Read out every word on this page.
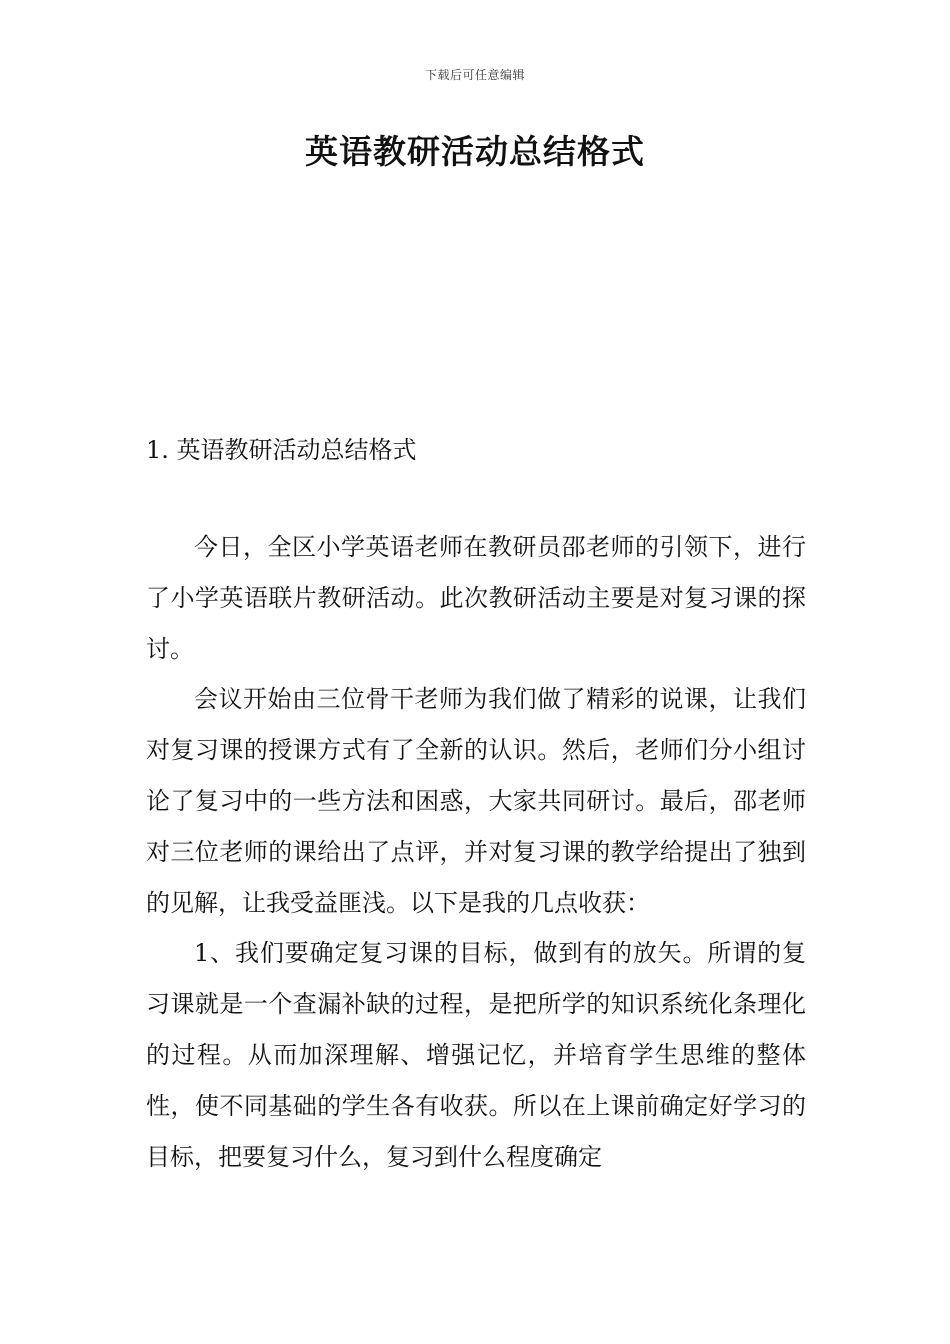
下载后可任意编辑
英语教研活动总结格式
1. 英语教研活动总结格式

今日，全区小学英语老师在教研员邵老师的引领下，进行了小学英语联片教研活动。此次教研活动主要是对复习课的探讨。

会议开始由三位骨干老师为我们做了精彩的说课，让我们对复习课的授课方式有了全新的认识。然后，老师们分小组讨论了复习中的一些方法和困惑，大家共同研讨。最后，邵老师对三位老师的课给出了点评，并对复习课的教学给提出了独到的见解，让我受益匪浅。以下是我的几点收获：

1、我们要确定复习课的目标，做到有的放矢。所谓的复习课就是一个查漏补缺的过程，是把所学的知识系统化条理化的过程。从而加深理解、增强记忆，并培育学生思维的整体性，使不同基础的学生各有收获。所以在上课前确定好学习的目标，把要复习什么，复习到什么程度确定
